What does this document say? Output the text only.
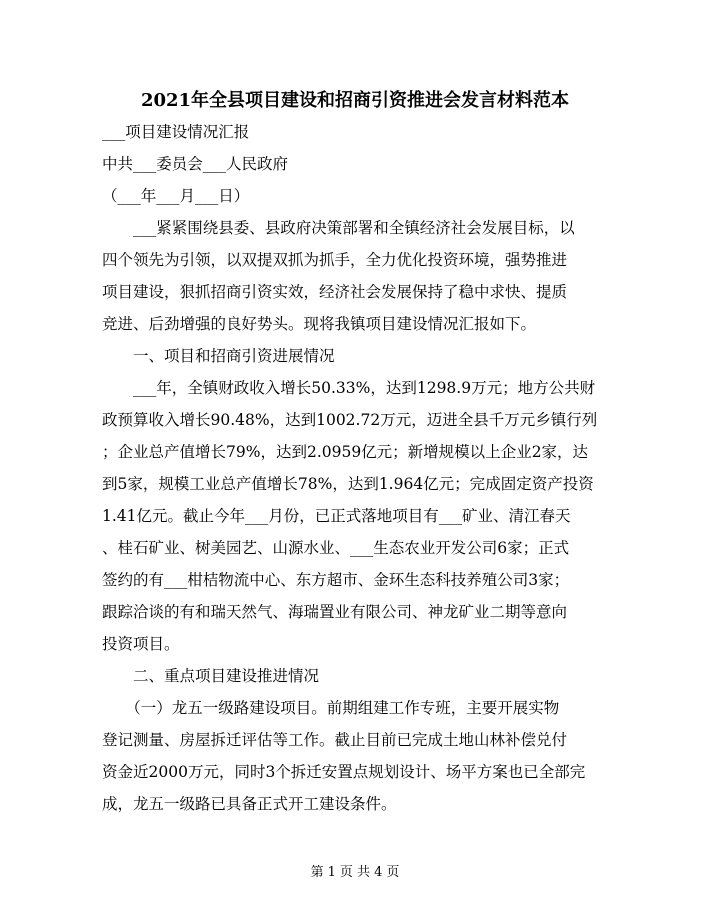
2021年全县项目建设和招商引资推进会发言材料范本
___项目建设情况汇报
中共___委员会___人民政府
（___年___月___日）
　　___紧紧围绕县委、县政府决策部署和全镇经济社会发展目标，以
四个领先为引领，以双提双抓为抓手，全力优化投资环境，强势推进
项目建设，狠抓招商引资实效，经济社会发展保持了稳中求快、提质
竞进、后劲增强的良好势头。现将我镇项目建设情况汇报如下。
　　一、项目和招商引资进展情况
　　___年，全镇财政收入增长50.33%，达到1298.9万元；地方公共财
政预算收入增长90.48%，达到1002.72万元，迈进全县千万元乡镇行列
；企业总产值增长79%，达到2.0959亿元；新增规模以上企业2家，达
到5家，规模工业总产值增长78%，达到1.964亿元；完成固定资产投资
1.41亿元。截止今年___月份，已正式落地项目有___矿业、清江春天
、桂石矿业、树美园艺、山源水业、___生态农业开发公司6家；正式
签约的有___柑桔物流中心、东方超市、金环生态科技养殖公司3家；
跟踪洽谈的有和瑞天然气、海瑞置业有限公司、神龙矿业二期等意向
投资项目。
　　二、重点项目建设推进情况
　　（一）龙五一级路建设项目。前期组建工作专班，主要开展实物
登记测量、房屋拆迁评估等工作。截止目前已完成土地山林补偿兑付
资金近2000万元，同时3个拆迁安置点规划设计、场平方案也已全部完
成，龙五一级路已具备正式开工建设条件。
第 1 页 共 4 页
